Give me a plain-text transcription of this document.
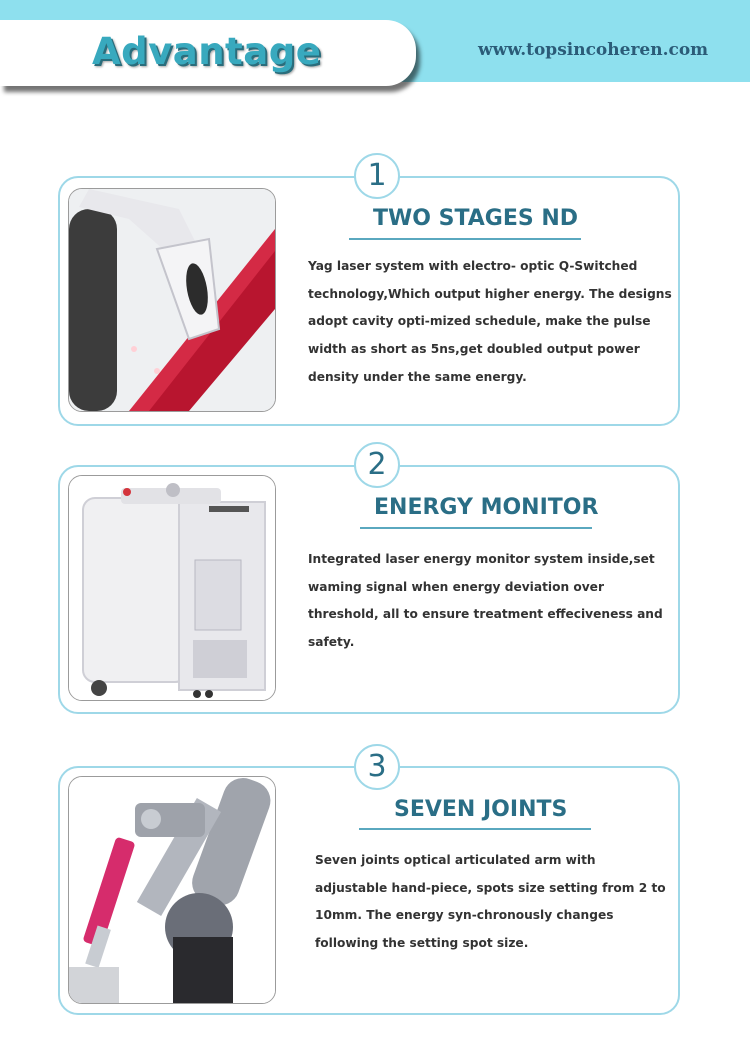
Advantage	www.topsincoheren.com
1
TWO STAGES ND
Yag laser system with electro- optic Q-Switched technology,Which output higher energy. The designs adopt cavity opti-mized schedule, make the pulse width as short as 5ns,get doubled output power density under the same energy.
2
ENERGY MONITOR
Integrated laser energy monitor system inside,set waming signal when energy deviation over threshold, all to ensure treatment effeciveness and safety.
3
SEVEN JOINTS
Seven joints optical articulated arm with adjustable hand-piece, spots size setting from 2 to 10mm. The energy syn-chronously changes following the setting spot size.
